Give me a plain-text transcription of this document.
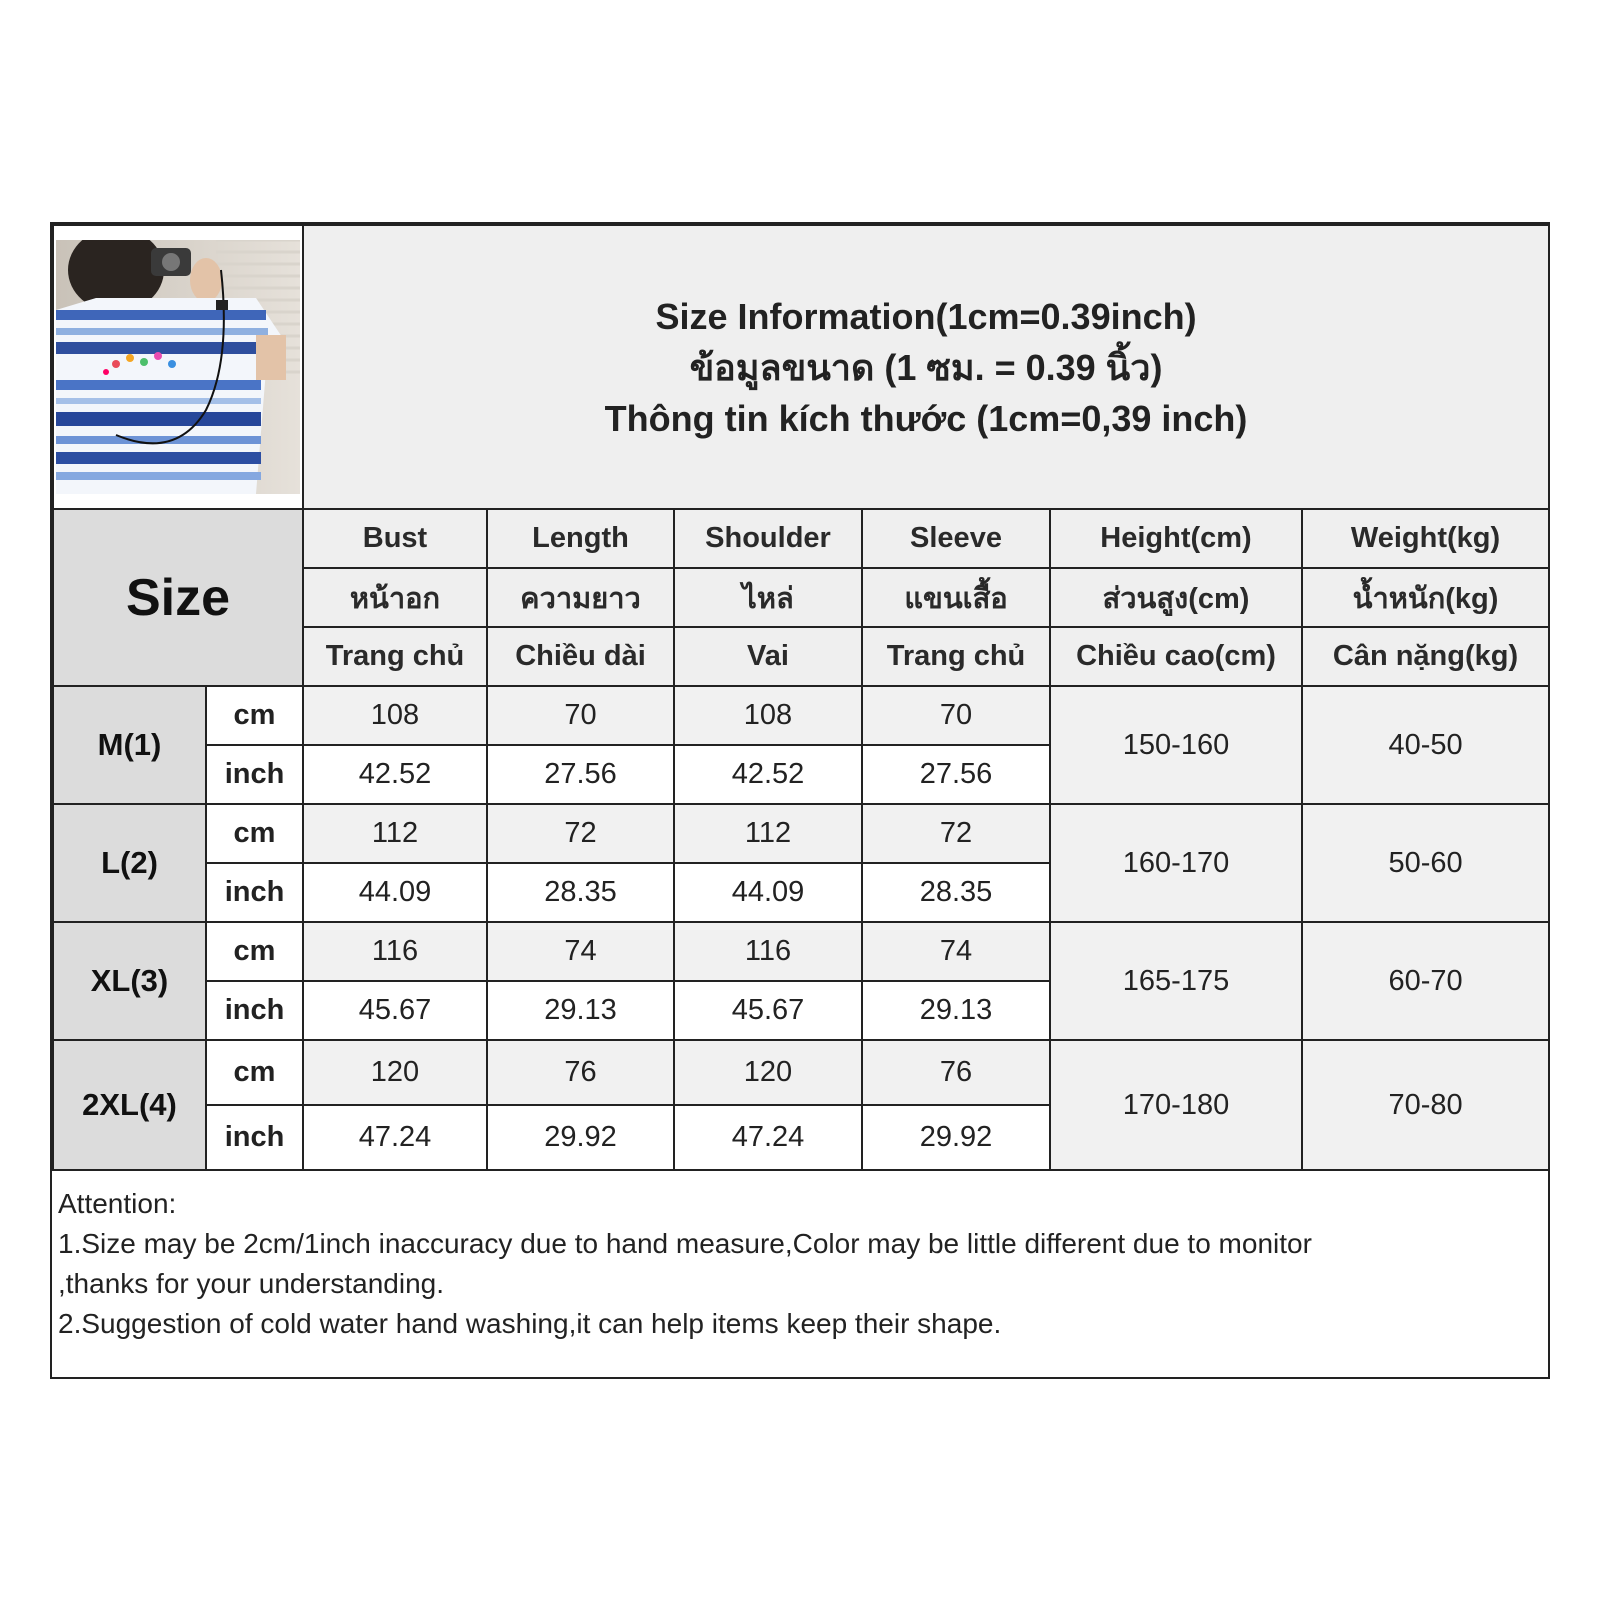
Size Information(1cm=0.39inch)
ข้อมูลขนาด (1 ซม. = 0.39 นิ้ว)
Thông tin kích thước (1cm=0,39 inch)					

Size		Bust	Length	Shoulder	Sleeve	Height(cm)	Weight(kg)
		หน้าอก	ความยาว	ไหล่	แขนเสื้อ	ส่วนสูง(cm)	น้ำหนัก(kg)
		Trang chủ	Chiều dài	Vai	Trang chủ	Chiều cao(cm)	Cân nặng(kg)
M(1)	cm	108	70	108	70	150-160	40-50
	inch	42.52	27.56	42.52	27.56		
L(2)	cm	112	72	112	72	160-170	50-60
	inch	44.09	28.35	44.09	28.35		
XL(3)	cm	116	74	116	74	165-175	60-70
	inch	45.67	29.13	45.67	29.13		
2XL(4)	cm	120	76	120	76	170-180	70-80
	inch	47.24	29.92	47.24	29.92		
Attention:
1.Size may be 2cm/1inch inaccuracy due to hand measure,Color may be little different due to monitor
,thanks for your understanding.
2.Suggestion of cold water hand washing,it can help items keep their shape.
